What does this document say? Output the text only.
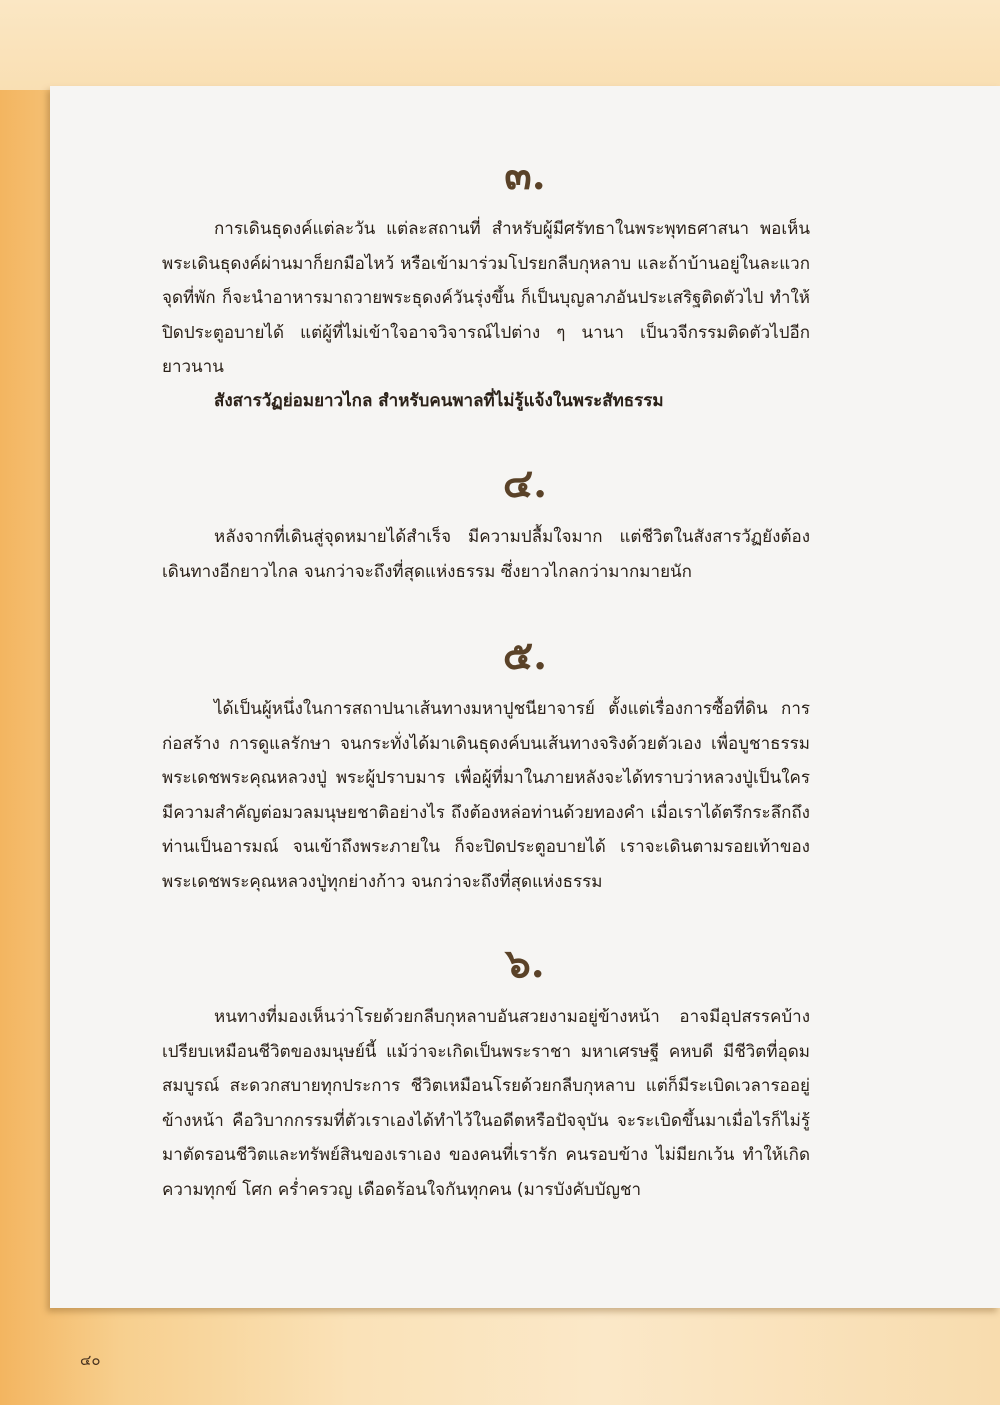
๓.

การเดินธุดงค์แต่ละวัน แต่ละสถานที่ สำหรับผู้มีศรัทธาในพระพุทธศาสนา พอเห็นพระเดินธุดงค์ผ่านมาก็ยกมือไหว้ หรือเข้ามาร่วมโปรยกลีบกุหลาบ และถ้าบ้านอยู่ในละแวกจุดที่พัก ก็จะนำอาหารมาถวายพระธุดงค์วันรุ่งขึ้น ก็เป็นบุญลาภอันประเสริฐติดตัวไป ทำให้ปิดประตูอบายได้ แต่ผู้ที่ไม่เข้าใจอาจวิจารณ์ไปต่าง ๆ นานา เป็นวจีกรรมติดตัวไปอีกยาวนาน

สังสารวัฏย่อมยาวไกล สำหรับคนพาลที่ไม่รู้แจ้งในพระสัทธรรม

๔.

หลังจากที่เดินสู่จุดหมายได้สำเร็จ มีความปลื้มใจมาก แต่ชีวิตในสังสารวัฏยังต้องเดินทางอีกยาวไกล จนกว่าจะถึงที่สุดแห่งธรรม ซึ่งยาวไกลกว่ามากมายนัก

๕.

ได้เป็นผู้หนึ่งในการสถาปนาเส้นทางมหาปูชนียาจารย์ ตั้งแต่เรื่องการซื้อที่ดิน การก่อสร้าง การดูแลรักษา จนกระทั่งได้มาเดินธุดงค์บนเส้นทางจริงด้วยตัวเอง เพื่อบูชาธรรมพระเดชพระคุณหลวงปู่ พระผู้ปราบมาร เพื่อผู้ที่มาในภายหลังจะได้ทราบว่าหลวงปู่เป็นใคร มีความสำคัญต่อมวลมนุษยชาติอย่างไร ถึงต้องหล่อท่านด้วยทองคำ เมื่อเราได้ตรึกระลึกถึงท่านเป็นอารมณ์ จนเข้าถึงพระภายใน ก็จะปิดประตูอบายได้ เราจะเดินตามรอยเท้าของพระเดชพระคุณหลวงปู่ทุกย่างก้าว จนกว่าจะถึงที่สุดแห่งธรรม

๖.

หนทางที่มองเห็นว่าโรยด้วยกลีบกุหลาบอันสวยงามอยู่ข้างหน้า อาจมีอุปสรรคบ้าง เปรียบเหมือนชีวิตของมนุษย์นี้ แม้ว่าจะเกิดเป็นพระราชา มหาเศรษฐี คหบดี มีชีวิตที่อุดมสมบูรณ์ สะดวกสบายทุกประการ ชีวิตเหมือนโรยด้วยกลีบกุหลาบ แต่ก็มีระเบิดเวลารออยู่ข้างหน้า คือวิบากกรรมที่ตัวเราเองได้ทำไว้ในอดีตหรือปัจจุบัน จะระเบิดขึ้นมาเมื่อไรก็ไม่รู้ มาตัดรอนชีวิตและทรัพย์สินของเราเอง ของคนที่เรารัก คนรอบข้าง ไม่มียกเว้น ทำให้เกิดความทุกข์ โศก คร่ำครวญ เดือดร้อนใจกันทุกคน (มารบังคับบัญชา

๔๐
